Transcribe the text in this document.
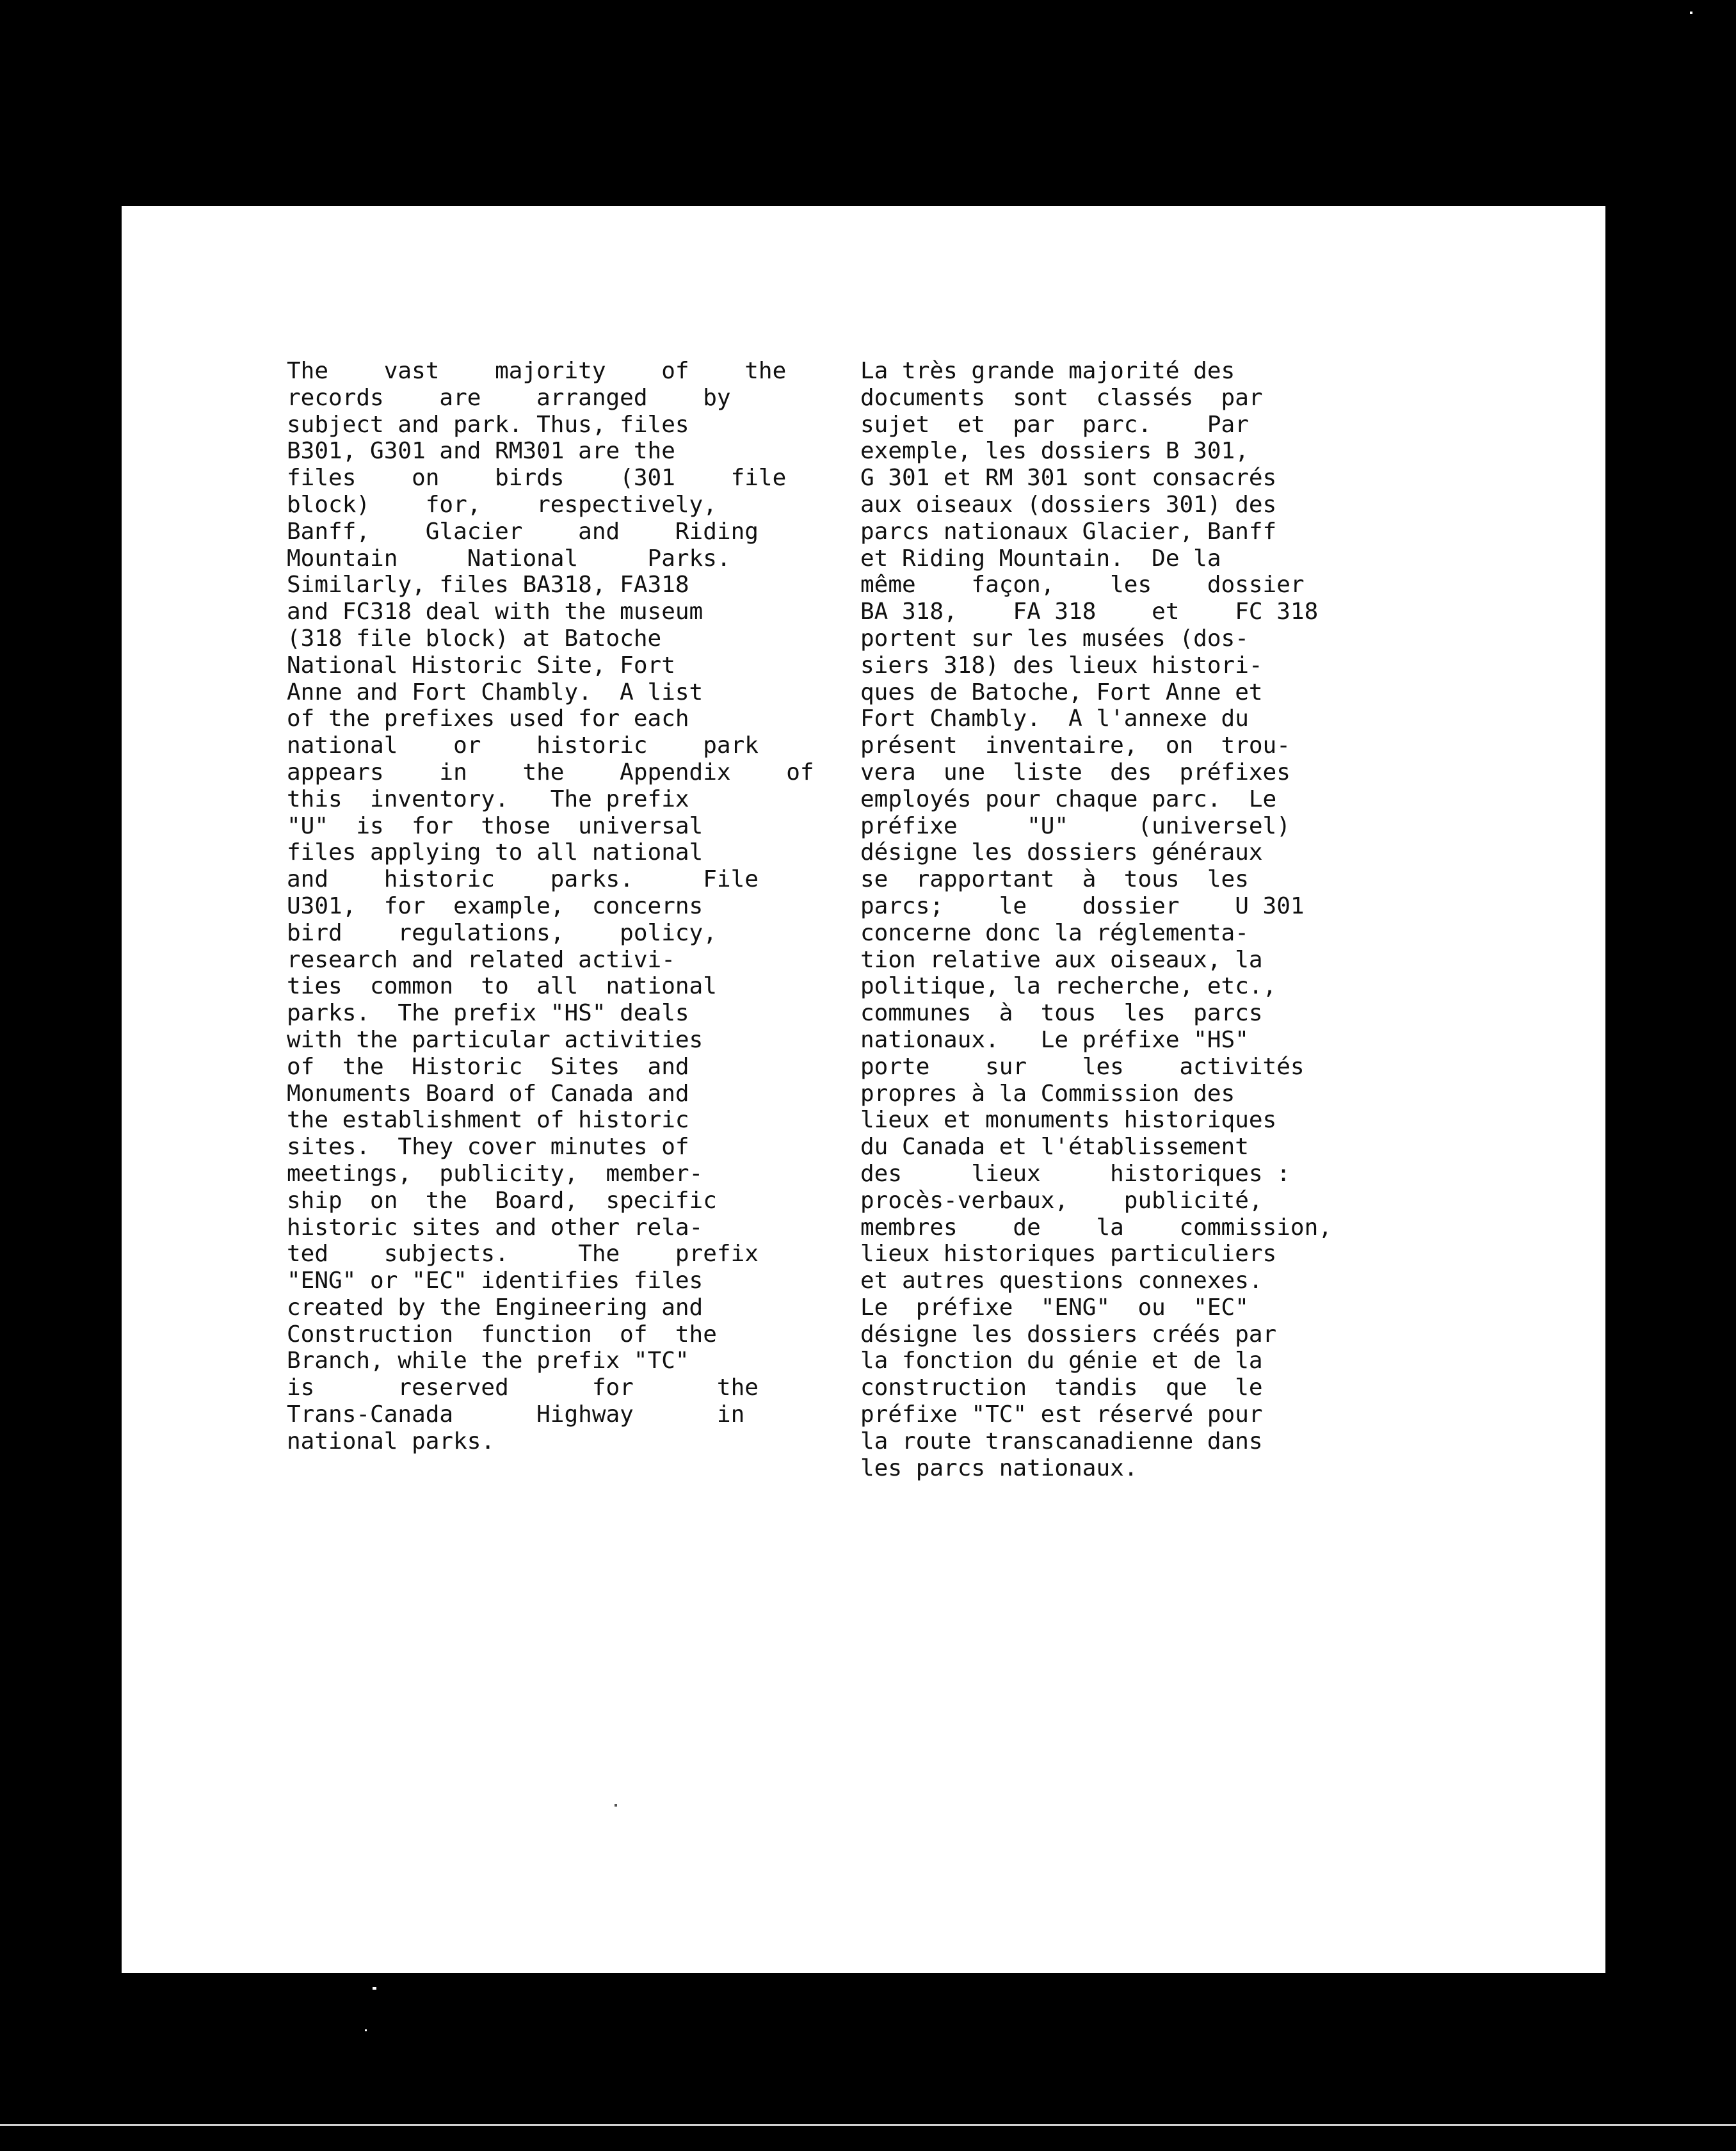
The    vast    majority    of    the
records    are    arranged    by
subject and park. Thus, files
B301, G301 and RM301 are the
files    on    birds    (301    file
block)    for,    respectively,
Banff,    Glacier    and    Riding
Mountain     National     Parks.
Similarly, files BA318, FA318
and FC318 deal with the museum
(318 file block) at Batoche
National Historic Site, Fort
Anne and Fort Chambly.  A list
of the prefixes used for each
national    or    historic    park
appears    in    the    Appendix    of
this  inventory.   The prefix
"U"  is  for  those  universal
files applying to all national
and    historic    parks.     File
U301,  for  example,  concerns
bird    regulations,    policy,
research and related activi-
ties  common  to  all  national
parks.  The prefix "HS" deals
with the particular activities
of  the  Historic  Sites  and
Monuments Board of Canada and
the establishment of historic
sites.  They cover minutes of
meetings,  publicity,  member-
ship  on  the  Board,  specific
historic sites and other rela-
ted    subjects.     The    prefix
"ENG" or "EC" identifies files
created by the Engineering and
Construction  function  of  the
Branch, while the prefix "TC"
is      reserved      for      the
Trans-Canada      Highway      in
national parks.

La très grande majorité des
documents  sont  classés  par
sujet  et  par  parc.    Par
exemple, les dossiers B 301,
G 301 et RM 301 sont consacrés
aux oiseaux (dossiers 301) des
parcs nationaux Glacier, Banff
et Riding Mountain.  De la
même    façon,    les    dossier
BA 318,    FA 318    et    FC 318
portent sur les musées (dos-
siers 318) des lieux histori-
ques de Batoche, Fort Anne et
Fort Chambly.  A l'annexe du
présent  inventaire,  on  trou-
vera  une  liste  des  préfixes
employés pour chaque parc.  Le
préfixe     "U"     (universel)
désigne les dossiers généraux
se  rapportant  à  tous  les
parcs;    le    dossier    U 301
concerne donc la réglementa-
tion relative aux oiseaux, la
politique, la recherche, etc.,
communes  à  tous  les  parcs
nationaux.   Le préfixe "HS"
porte    sur    les    activités
propres à la Commission des
lieux et monuments historiques
du Canada et l'établissement
des     lieux     historiques :
procès-verbaux,    publicité,
membres    de    la    commission,
lieux historiques particuliers
et autres questions connexes.
Le  préfixe  "ENG"  ou  "EC"
désigne les dossiers créés par
la fonction du génie et de la
construction  tandis  que  le
préfixe "TC" est réservé pour
la route transcanadienne dans
les parcs nationaux.
